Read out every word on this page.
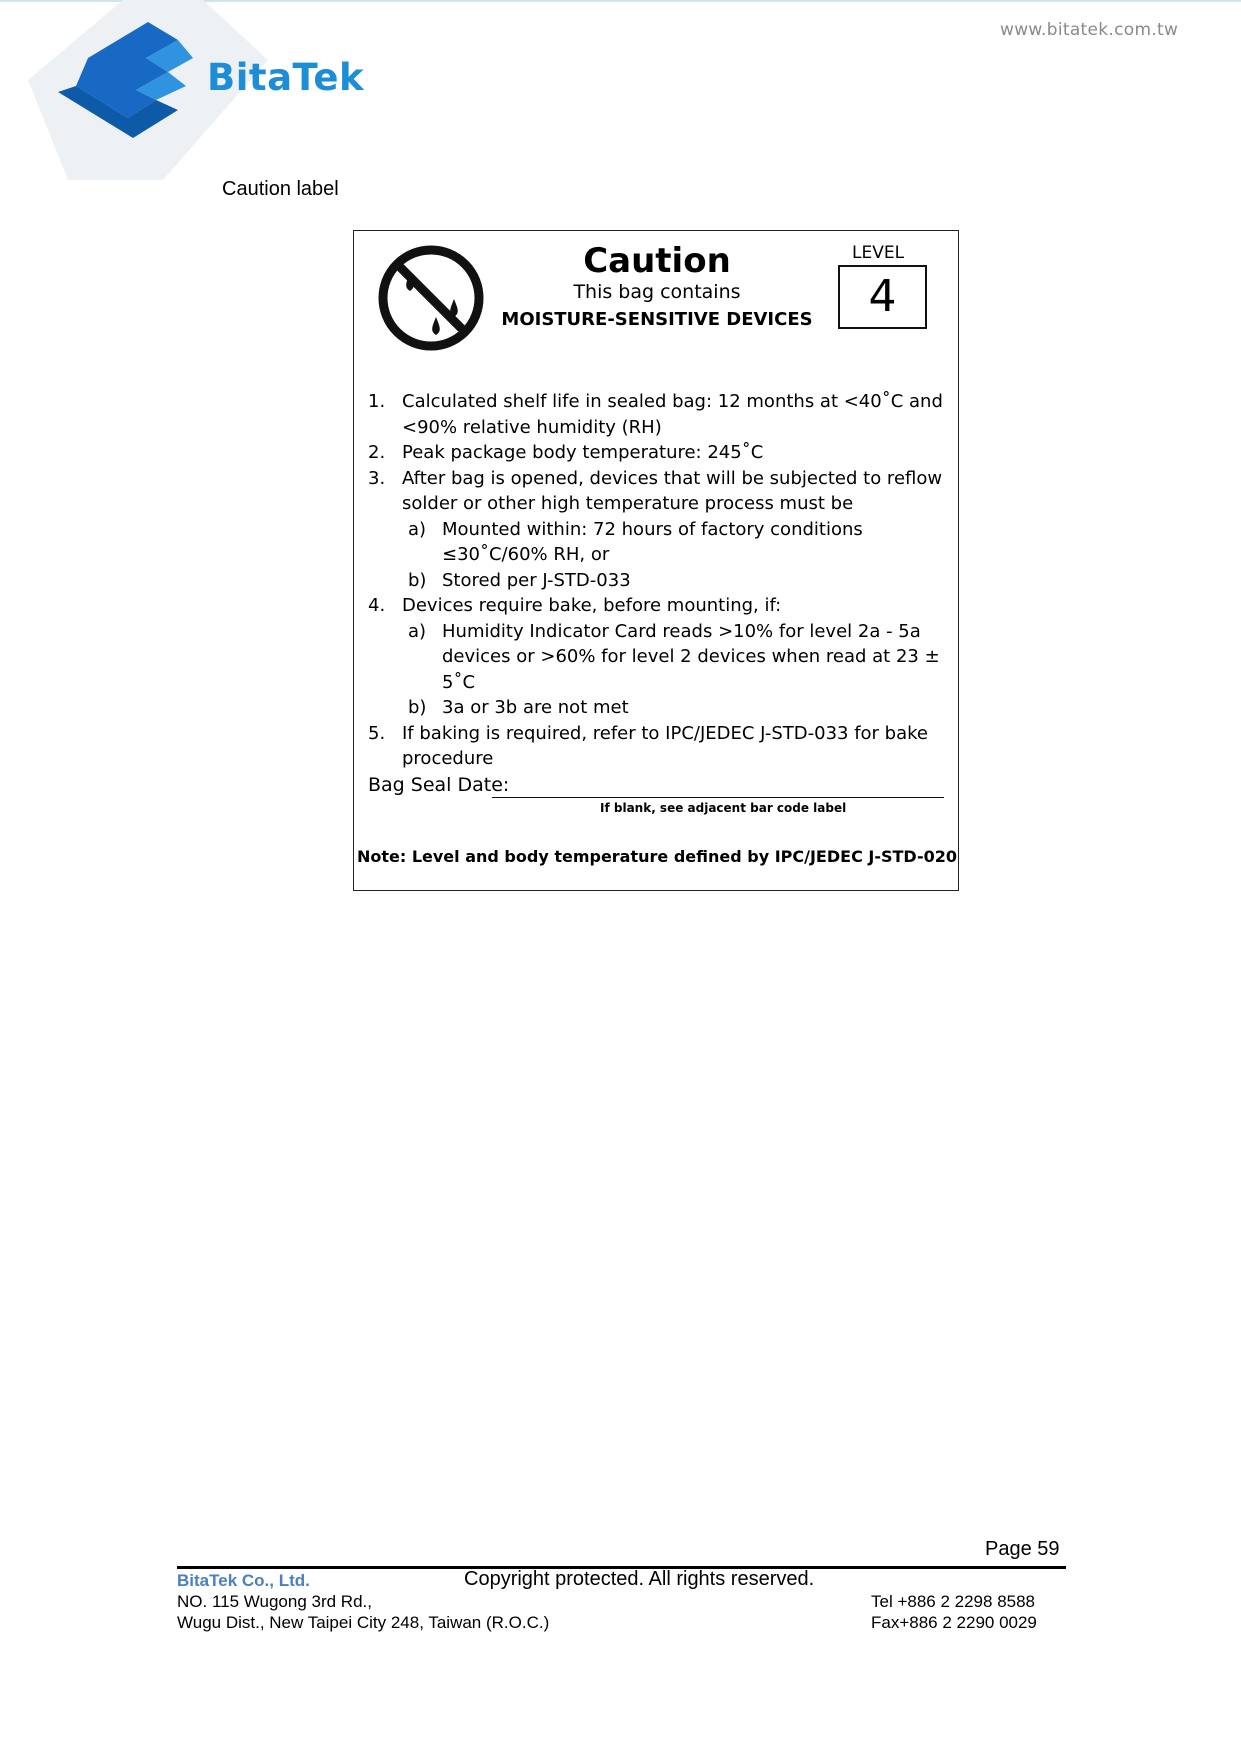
BitaTek
www.bitatek.com.tw
Caution label
Caution
This bag contains
MOISTURE-SENSITIVE DEVICES
LEVEL
4
1. Calculated shelf life in sealed bag: 12 months at <40˚C and <90% relative humidity (RH)
2. Peak package body temperature: 245˚C
3. After bag is opened, devices that will be subjected to reflow solder or other high temperature process must be
a) Mounted within: 72 hours of factory conditions ≤30˚C/60% RH, or
b) Stored per J-STD-033
4. Devices require bake, before mounting, if:
a) Humidity Indicator Card reads >10% for level 2a - 5a devices or >60% for level 2 devices when read at 23 ± 5˚C
b) 3a or 3b are not met
5. If baking is required, refer to IPC/JEDEC J-STD-033 for bake procedure
Bag Seal Date:
If blank, see adjacent bar code label
Note: Level and body temperature defined by IPC/JEDEC J-STD-020
Page 59
BitaTek Co., Ltd.	Copyright protected. All rights reserved.
NO. 115 Wugong 3rd Rd.,
Wugu Dist., New Taipei City 248, Taiwan (R.O.C.)
Tel +886 2 2298 8588
Fax+886 2 2290 0029
